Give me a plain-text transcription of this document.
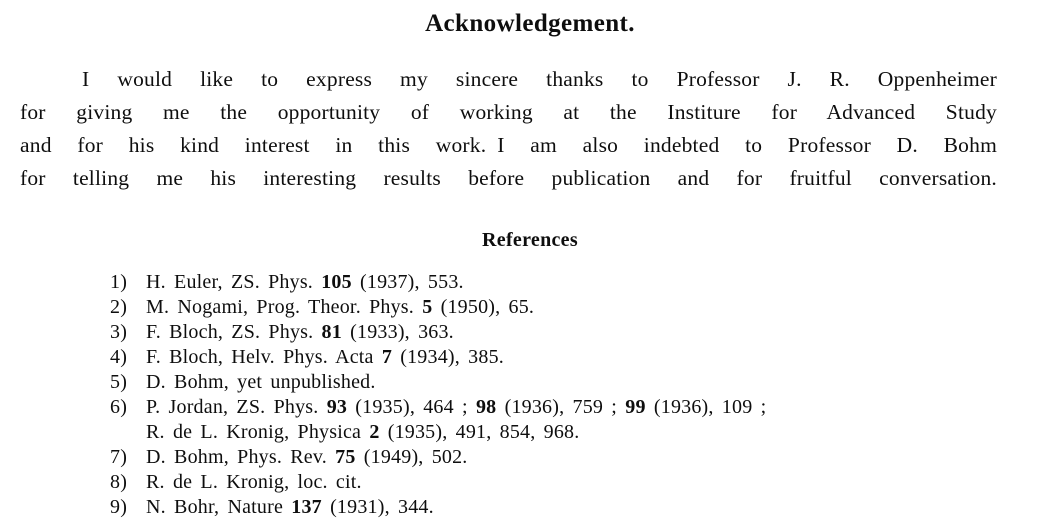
Acknowledgement.
I would like to express my sincere thanks to Professor J. R. Oppenheimer
for giving me the opportunity of working at the Institure for Advanced Study
and for his kind interest in this work. I am also indebted to Professor D. Bohm
for telling me his interesting results before publication and for fruitful conversation.
References
1) H. Euler, ZS. Phys. 105 (1937), 553.
2) M. Nogami, Prog. Theor. Phys. 5 (1950), 65.
3) F. Bloch, ZS. Phys. 81 (1933), 363.
4) F. Bloch, Helv. Phys. Acta 7 (1934), 385.
5) D. Bohm, yet unpublished.
6) P. Jordan, ZS. Phys. 93 (1935), 464 ; 98 (1936), 759 ; 99 (1936), 109 ;
R. de L. Kronig, Physica 2 (1935), 491, 854, 968.
7) D. Bohm, Phys. Rev. 75 (1949), 502.
8) R. de L. Kronig, loc. cit.
9) N. Bohr, Nature 137 (1931), 344.
